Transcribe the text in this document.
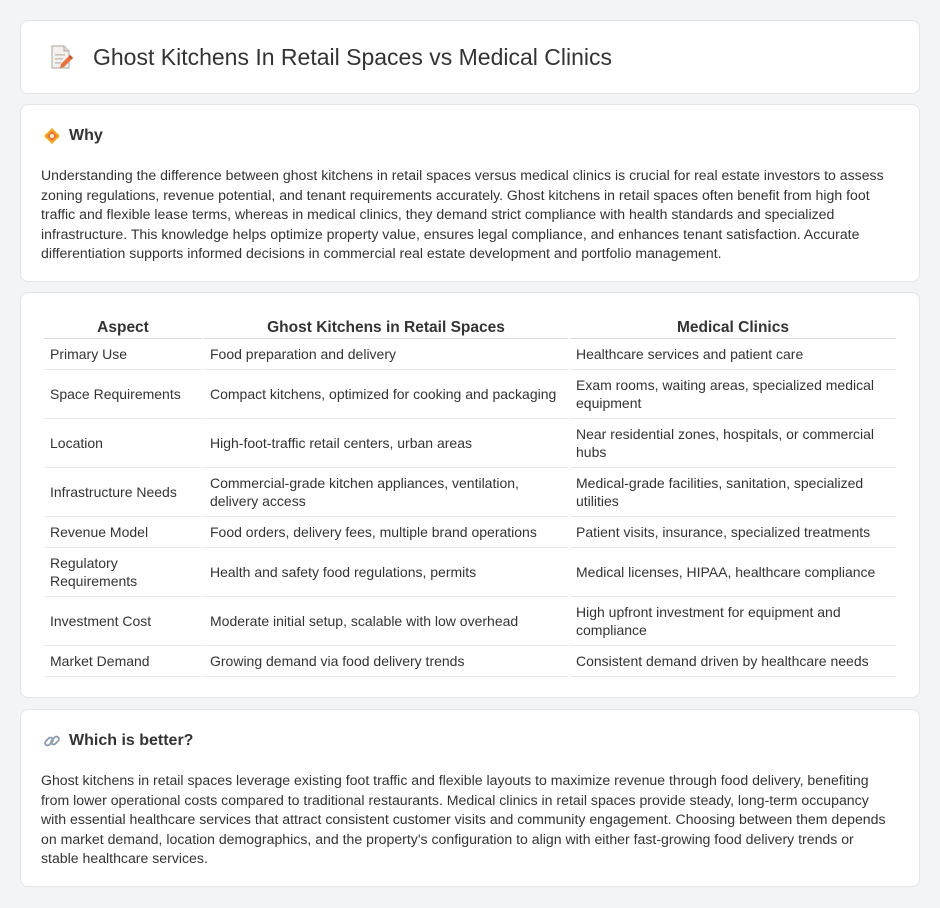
Ghost Kitchens In Retail Spaces vs Medical Clinics
Why

Understanding the difference between ghost kitchens in retail spaces versus medical clinics is crucial for real estate investors to assess zoning regulations, revenue potential, and tenant requirements accurately. Ghost kitchens in retail spaces often benefit from high foot traffic and flexible lease terms, whereas in medical clinics, they demand strict compliance with health standards and specialized infrastructure. This knowledge helps optimize property value, ensures legal compliance, and enhances tenant satisfaction. Accurate differentiation supports informed decisions in commercial real estate development and portfolio management.

Aspect	Ghost Kitchens in Retail Spaces	Medical Clinics
Primary Use	Food preparation and delivery	Healthcare services and patient care
Space Requirements	Compact kitchens, optimized for cooking and packaging	Exam rooms, waiting areas, specialized medical equipment
Location	High-foot-traffic retail centers, urban areas	Near residential zones, hospitals, or commercial hubs
Infrastructure Needs	Commercial-grade kitchen appliances, ventilation, delivery access	Medical-grade facilities, sanitation, specialized utilities
Revenue Model	Food orders, delivery fees, multiple brand operations	Patient visits, insurance, specialized treatments
Regulatory Requirements	Health and safety food regulations, permits	Medical licenses, HIPAA, healthcare compliance
Investment Cost	Moderate initial setup, scalable with low overhead	High upfront investment for equipment and compliance
Market Demand	Growing demand via food delivery trends	Consistent demand driven by healthcare needs
Which is better?

Ghost kitchens in retail spaces leverage existing foot traffic and flexible layouts to maximize revenue through food delivery, benefiting from lower operational costs compared to traditional restaurants. Medical clinics in retail spaces provide steady, long-term occupancy with essential healthcare services that attract consistent customer visits and community engagement. Choosing between them depends on market demand, location demographics, and the property's configuration to align with either fast-growing food delivery trends or stable healthcare services.
